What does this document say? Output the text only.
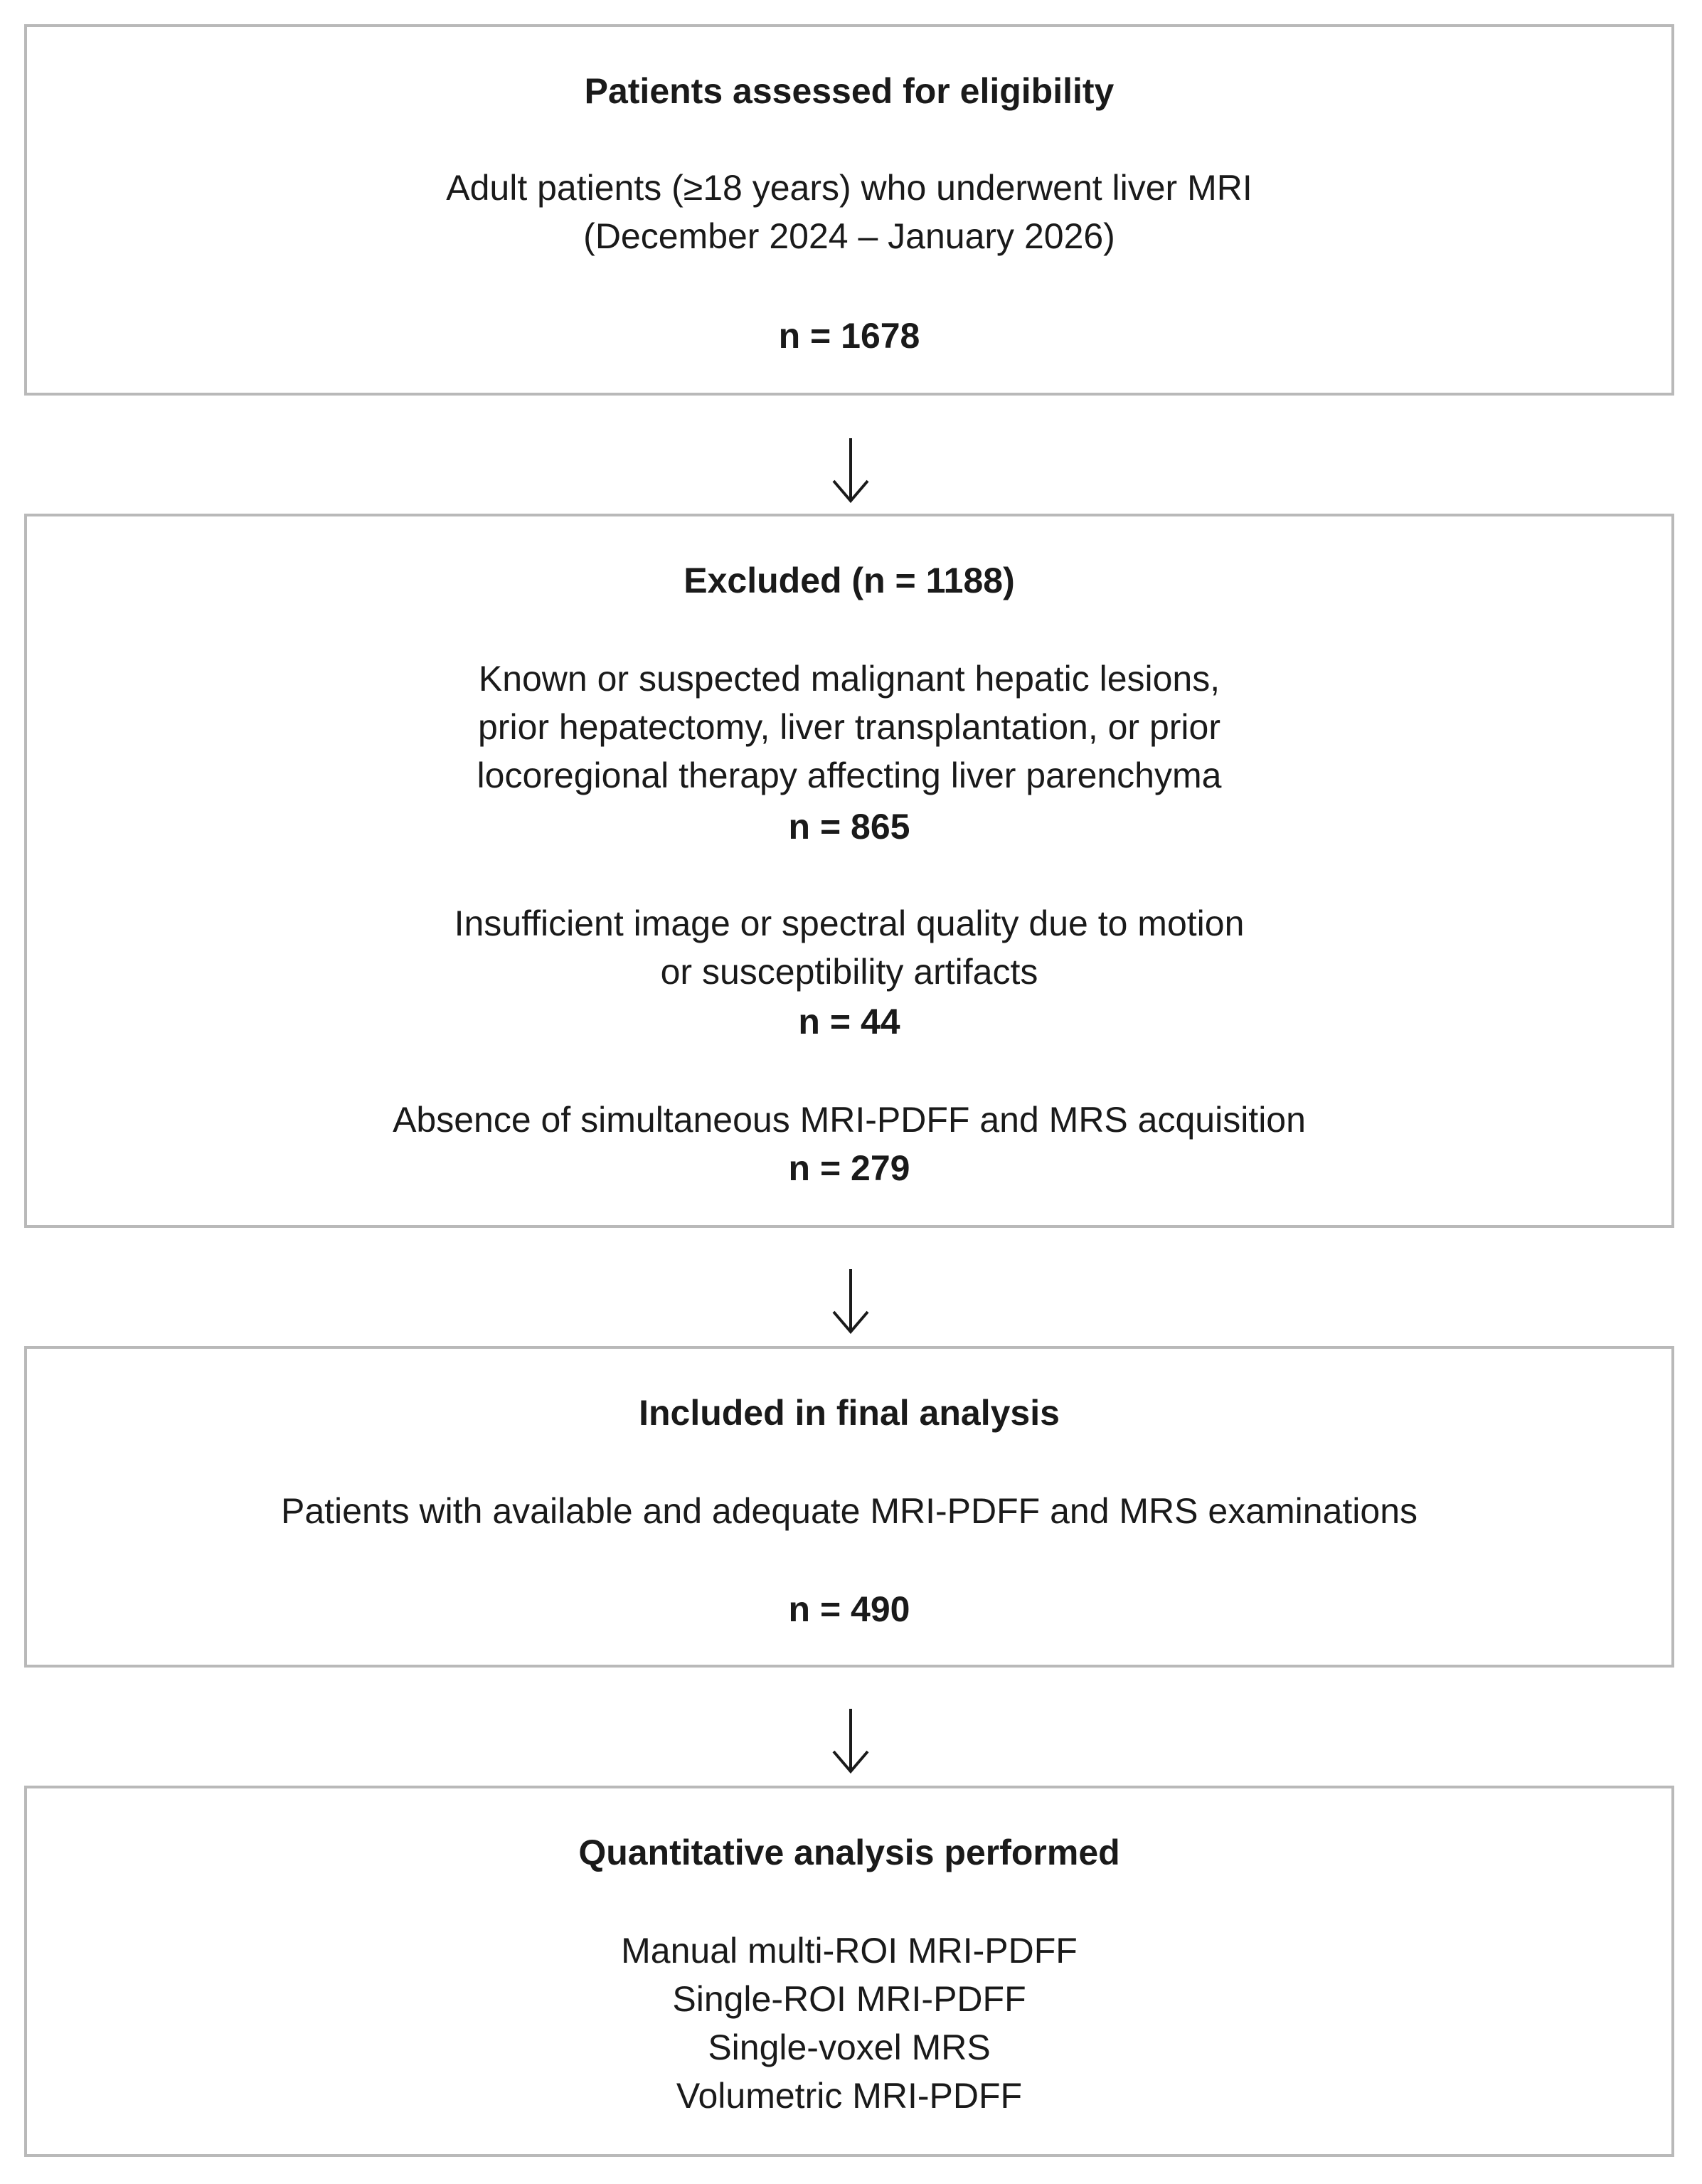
Patients assessed for eligibility
Adult patients (≥18 years) who underwent liver MRI
(December 2024 – January 2026)
n = 1678
Excluded (n = 1188)
Known or suspected malignant hepatic lesions,
prior hepatectomy, liver transplantation, or prior
locoregional therapy affecting liver parenchyma
n = 865
Insufficient image or spectral quality due to motion
or susceptibility artifacts
n = 44
Absence of simultaneous MRI-PDFF and MRS acquisition
n = 279
Included in final analysis
Patients with available and adequate MRI-PDFF and MRS examinations
n = 490
Quantitative analysis performed
Manual multi-ROI MRI-PDFF
Single-ROI MRI-PDFF
Single-voxel MRS
Volumetric MRI-PDFF
